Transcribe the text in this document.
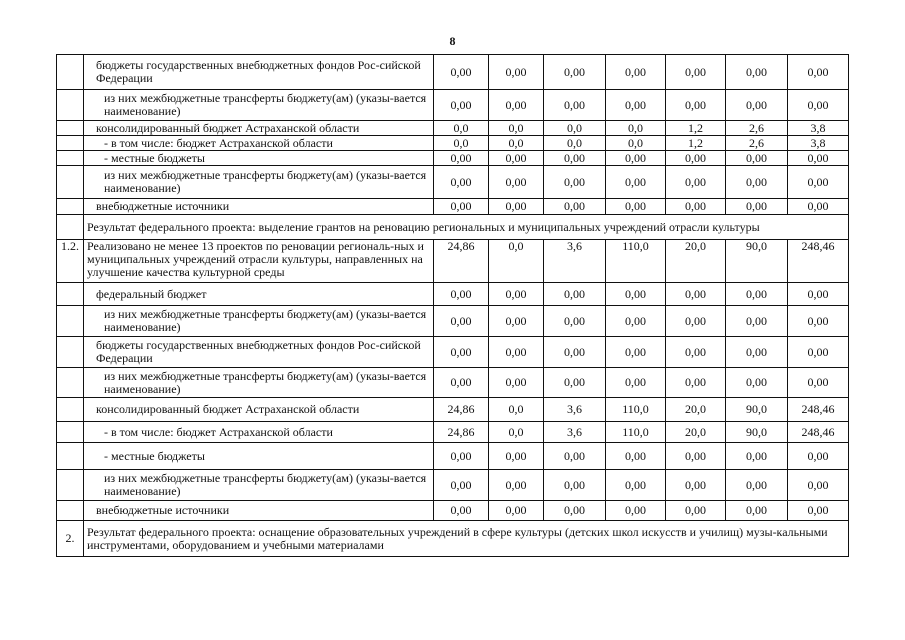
8
	бюджеты государственных внебюджетных фондов Рос-сийской Федерации	0,00	0,00	0,00	0,00	0,00	0,00	0,00
	из них межбюджетные трансферты бюджету(ам) (указы-вается наименование)	0,00	0,00	0,00	0,00	0,00	0,00	0,00
	консолидированный бюджет Астраханской области	0,0	0,0	0,0	0,0	1,2	2,6	3,8
	- в том числе: бюджет Астраханской области	0,0	0,0	0,0	0,0	1,2	2,6	3,8
	- местные бюджеты	0,00	0,00	0,00	0,00	0,00	0,00	0,00
	из них межбюджетные трансферты бюджету(ам) (указы-вается наименование)	0,00	0,00	0,00	0,00	0,00	0,00	0,00
	внебюджетные источники	0,00	0,00	0,00	0,00	0,00	0,00	0,00
	Результат федерального проекта: выделение грантов на реновацию региональных и муниципальных учреждений отрасли культуры							
1.2.	Реализовано не менее 13 проектов по реновации региональ-ных и муниципальных учреждений отрасли культуры, направленных на улучшение качества культурной среды	24,86	0,0	3,6	110,0	20,0	90,0	248,46
	федеральный бюджет	0,00	0,00	0,00	0,00	0,00	0,00	0,00
	из них межбюджетные трансферты бюджету(ам) (указы-вается наименование)	0,00	0,00	0,00	0,00	0,00	0,00	0,00
	бюджеты государственных внебюджетных фондов Рос-сийской Федерации	0,00	0,00	0,00	0,00	0,00	0,00	0,00
	из них межбюджетные трансферты бюджету(ам) (указы-вается наименование)	0,00	0,00	0,00	0,00	0,00	0,00	0,00
	консолидированный бюджет Астраханской области	24,86	0,0	3,6	110,0	20,0	90,0	248,46
	- в том числе: бюджет Астраханской области	24,86	0,0	3,6	110,0	20,0	90,0	248,46
	- местные бюджеты	0,00	0,00	0,00	0,00	0,00	0,00	0,00
	из них межбюджетные трансферты бюджету(ам) (указы-вается наименование)	0,00	0,00	0,00	0,00	0,00	0,00	0,00
	внебюджетные источники	0,00	0,00	0,00	0,00	0,00	0,00	0,00
2.	Результат федерального проекта: оснащение образовательных учреждений в сфере культуры (детских школ искусств и училищ) музы-кальными инструментами, оборудованием и учебными материалами							
